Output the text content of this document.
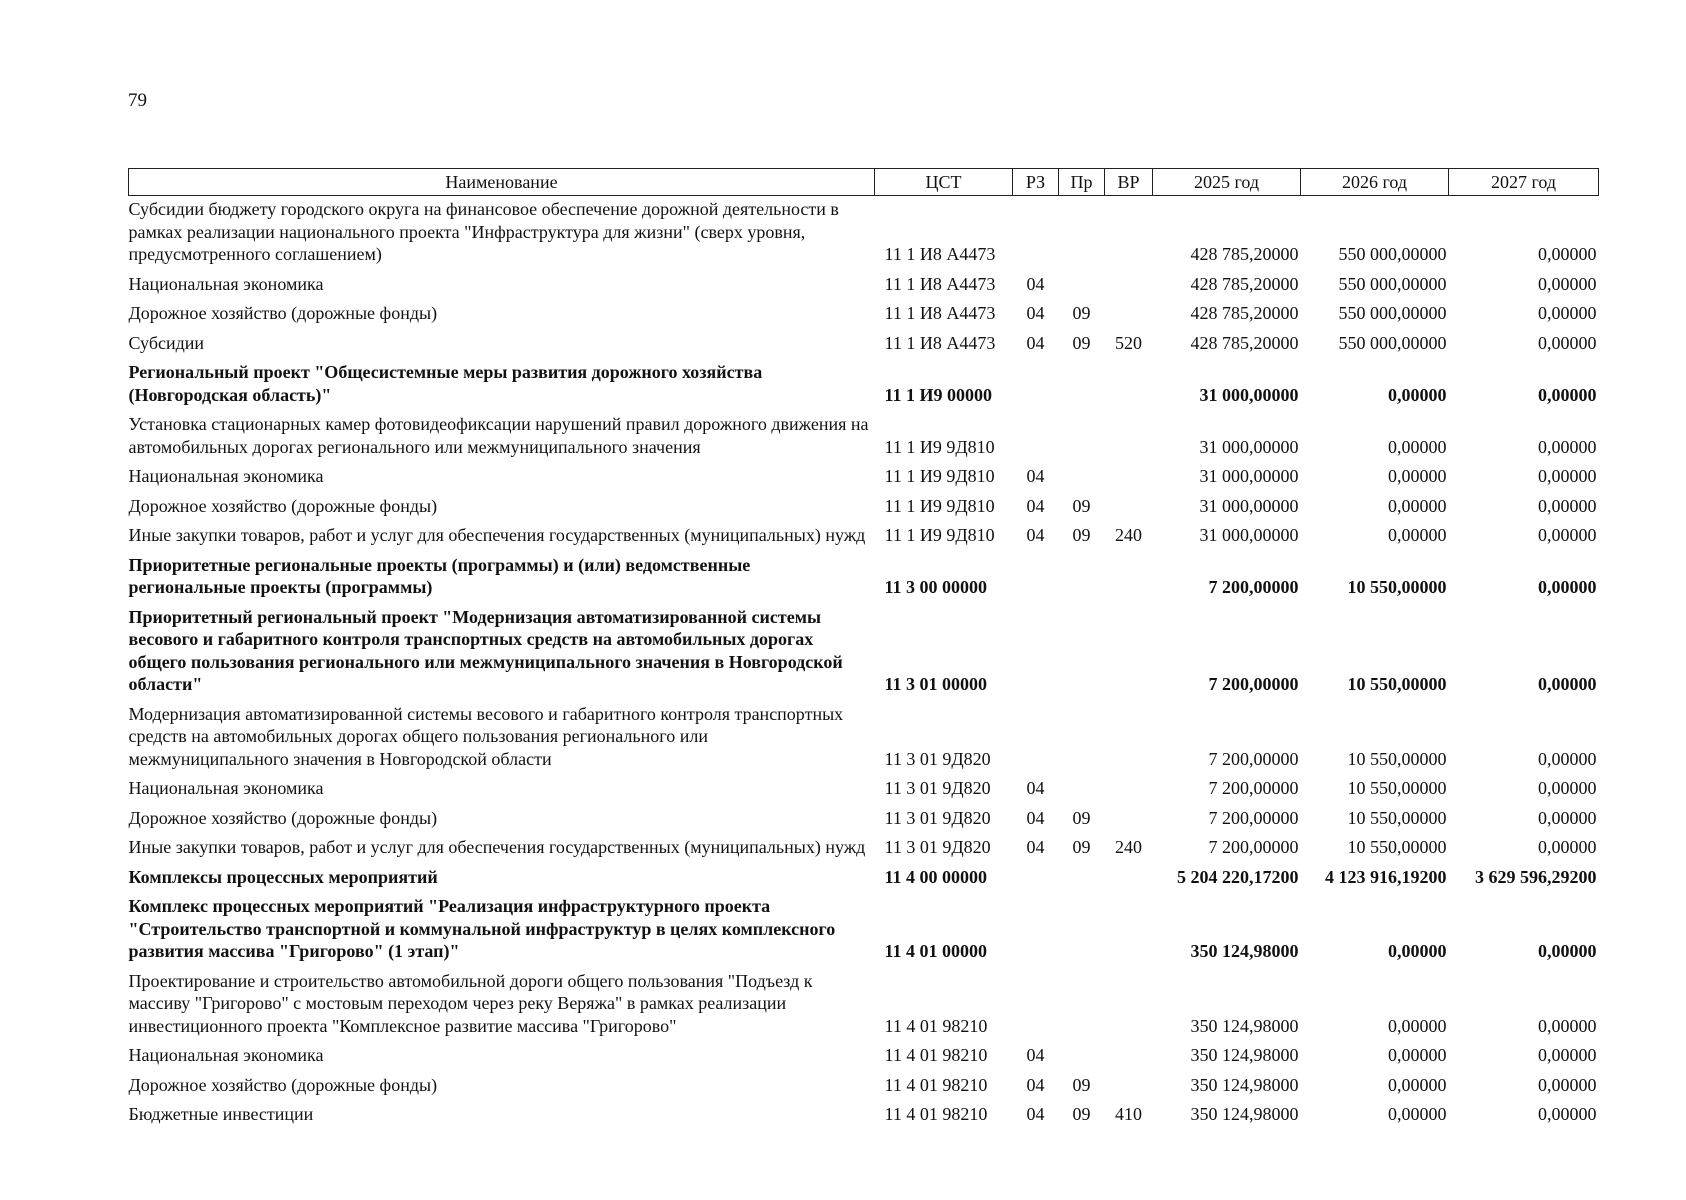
79
Наименование	ЦСТ	РЗ	Пр	ВР	2025 год	2026 год	2027 год
Субсидии бюджету городского округа на финансовое обеспечение дорожной деятельности в рамках реализации национального проекта "Инфраструктура для жизни" (сверх уровня, предусмотренного соглашением)	11 1 И8 А4473				428 785,20000	550 000,00000	0,00000
Национальная экономика	11 1 И8 А4473	04			428 785,20000	550 000,00000	0,00000
Дорожное хозяйство (дорожные фонды)	11 1 И8 А4473	04	09		428 785,20000	550 000,00000	0,00000
Субсидии	11 1 И8 А4473	04	09	520	428 785,20000	550 000,00000	0,00000
Региональный проект "Общесистемные меры развития дорожного хозяйства (Новгородская область)"	11 1 И9 00000				31 000,00000	0,00000	0,00000
Установка стационарных камер фотовидеофиксации нарушений правил дорожного движения на автомобильных дорогах регионального или межмуниципального значения	11 1 И9 9Д810				31 000,00000	0,00000	0,00000
Национальная экономика	11 1 И9 9Д810	04			31 000,00000	0,00000	0,00000
Дорожное хозяйство (дорожные фонды)	11 1 И9 9Д810	04	09		31 000,00000	0,00000	0,00000
Иные закупки товаров, работ и услуг для обеспечения государственных (муниципальных) нужд	11 1 И9 9Д810	04	09	240	31 000,00000	0,00000	0,00000
Приоритетные региональные проекты (программы) и (или) ведомственные региональные проекты (программы)	11 3 00 00000				7 200,00000	10 550,00000	0,00000
Приоритетный региональный проект "Модернизация автоматизированной системы весового и габаритного контроля транспортных средств на автомобильных дорогах общего пользования регионального или межмуниципального значения в Новгородской области"	11 3 01 00000				7 200,00000	10 550,00000	0,00000
Модернизация автоматизированной системы весового и габаритного контроля транспортных средств на автомобильных дорогах общего пользования регионального или межмуниципального значения в Новгородской области	11 3 01 9Д820				7 200,00000	10 550,00000	0,00000
Национальная экономика	11 3 01 9Д820	04			7 200,00000	10 550,00000	0,00000
Дорожное хозяйство (дорожные фонды)	11 3 01 9Д820	04	09		7 200,00000	10 550,00000	0,00000
Иные закупки товаров, работ и услуг для обеспечения государственных (муниципальных) нужд	11 3 01 9Д820	04	09	240	7 200,00000	10 550,00000	0,00000
Комплексы процессных мероприятий	11 4 00 00000				5 204 220,17200	4 123 916,19200	3 629 596,29200
Комплекс процессных мероприятий "Реализация инфраструктурного проекта "Строительство транспортной и коммунальной инфраструктур в целях комплексного развития массива "Григорово" (1 этап)"	11 4 01 00000				350 124,98000	0,00000	0,00000
Проектирование и строительство автомобильной дороги общего пользования "Подъезд к массиву "Григорово" с мостовым переходом через реку Веряжа" в рамках реализации инвестиционного проекта "Комплексное развитие массива "Григорово"	11 4 01 98210				350 124,98000	0,00000	0,00000
Национальная экономика	11 4 01 98210	04			350 124,98000	0,00000	0,00000
Дорожное хозяйство (дорожные фонды)	11 4 01 98210	04	09		350 124,98000	0,00000	0,00000
Бюджетные инвестиции	11 4 01 98210	04	09	410	350 124,98000	0,00000	0,00000
